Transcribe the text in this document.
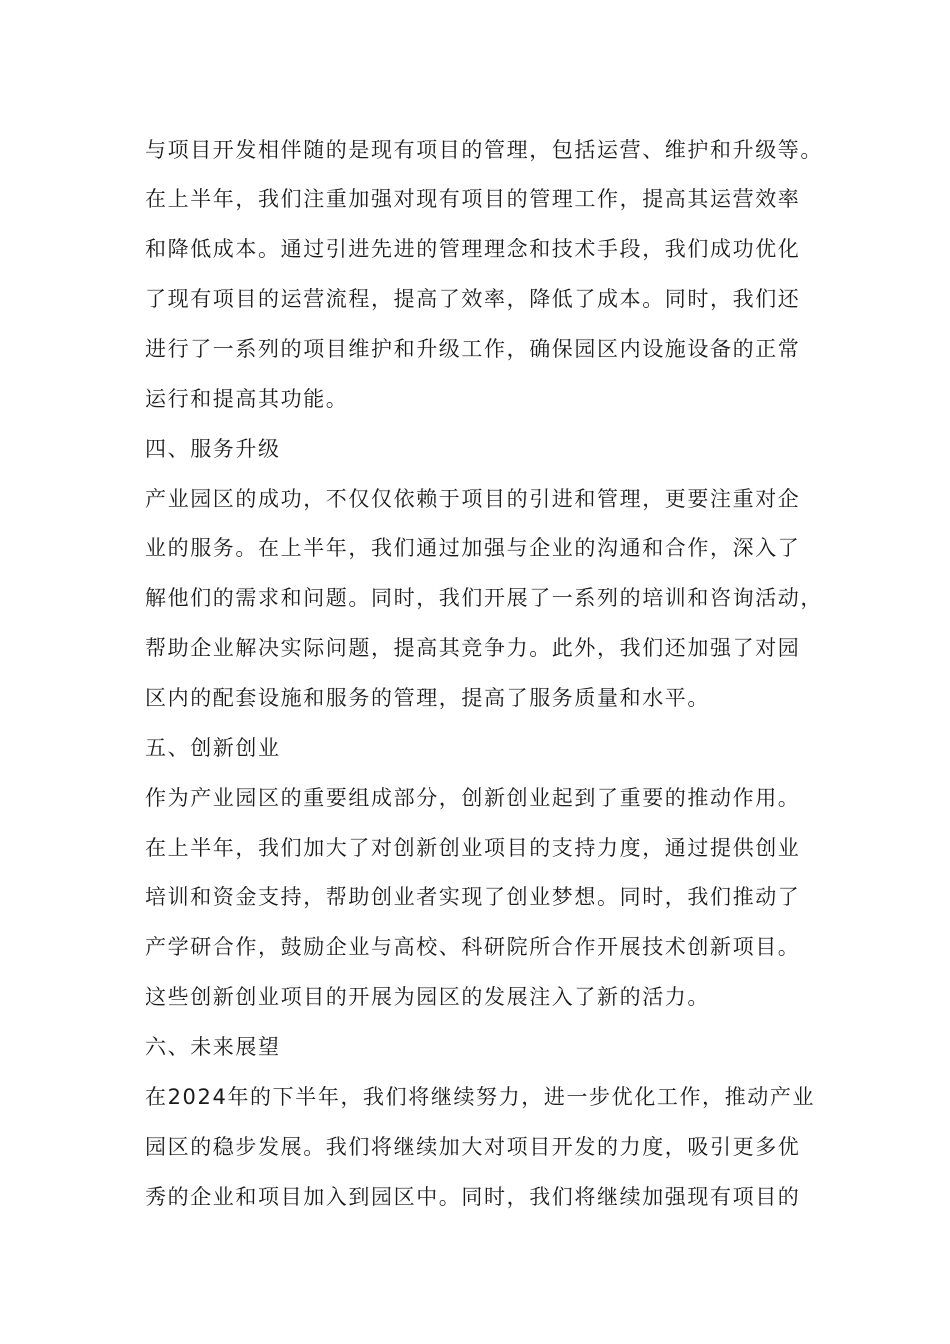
与项目开发相伴随的是现有项目的管理，包括运营、维护和升级等。
在上半年，我们注重加强对现有项目的管理工作，提高其运营效率
和降低成本。通过引进先进的管理理念和技术手段，我们成功优化
了现有项目的运营流程，提高了效率，降低了成本。同时，我们还
进行了一系列的项目维护和升级工作，确保园区内设施设备的正常
运行和提高其功能。
四、服务升级
产业园区的成功，不仅仅依赖于项目的引进和管理，更要注重对企
业的服务。在上半年，我们通过加强与企业的沟通和合作，深入了
解他们的需求和问题。同时，我们开展了一系列的培训和咨询活动，
帮助企业解决实际问题，提高其竞争力。此外，我们还加强了对园
区内的配套设施和服务的管理，提高了服务质量和水平。
五、创新创业
作为产业园区的重要组成部分，创新创业起到了重要的推动作用。
在上半年，我们加大了对创新创业项目的支持力度，通过提供创业
培训和资金支持，帮助创业者实现了创业梦想。同时，我们推动了
产学研合作，鼓励企业与高校、科研院所合作开展技术创新项目。
这些创新创业项目的开展为园区的发展注入了新的活力。
六、未来展望
在2024年的下半年，我们将继续努力，进一步优化工作，推动产业
园区的稳步发展。我们将继续加大对项目开发的力度，吸引更多优
秀的企业和项目加入到园区中。同时，我们将继续加强现有项目的
